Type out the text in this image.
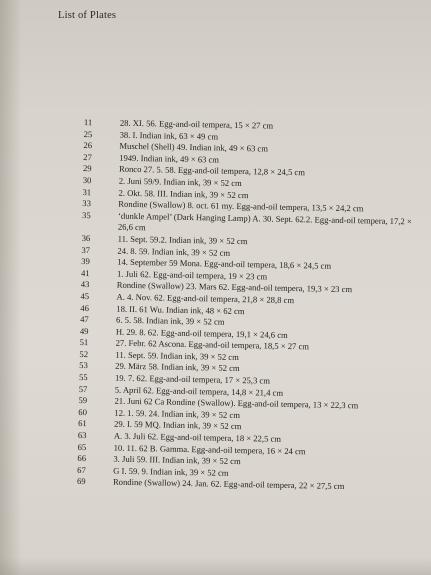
List of Plates
11	28. XI. 56. Egg-and-oil tempera, 15 × 27 cm
25	38. I. Indian ink, 63 × 49 cm
26	Muschel (Shell) 49. Indian ink, 49 × 63 cm
27	1949. Indian ink, 49 × 63 cm
29	Ronco 27. 5. 58. Egg-and-oil tempera, 12,8 × 24,5 cm
30	2. Juni 59/9. Indian ink, 39 × 52 cm
31	2. Okt. 58. III. Indian ink, 39 × 52 cm
33	Rondine (Swallow) 8. oct. 61 my. Egg-and-oil tempera, 13,5 × 24,2 cm
35	‘dunkle Ampel’ (Dark Hanging Lamp) A. 30. Sept. 62.2. Egg-and-oil tempera, 17,2 × 26,6 cm
36	11. Sept. 59.2. Indian ink, 39 × 52 cm
37	24. 8. 59. Indian ink, 39 × 52 cm
39	14. September 59 Mona. Egg-and-oil tempera, 18,6 × 24,5 cm
41	1. Juli 62. Egg-and-oil tempera, 19 × 23 cm
43	Rondine (Swallow) 23. Mars 62. Egg-and-oil tempera, 19,3 × 23 cm
45	A. 4. Nov. 62. Egg-and-oil tempera, 21,8 × 28,8 cm
46	18. II. 61 Wu. Indian ink, 48 × 62 cm
47	6. 5. 58. Indian ink, 39 × 52 cm
49	H. 29. 8. 62. Egg-and-oil tempera, 19,1 × 24,6 cm
51	27. Febr. 62 Ascona. Egg-and-oil tempera, 18,5 × 27 cm
52	11. Sept. 59. Indian ink, 39 × 52 cm
53	29. März 58. Indian ink, 39 × 52 cm
55	19. 7. 62. Egg-and-oil tempera, 17 × 25,3 cm
57	5. April 62. Egg-and-oil tempera, 14,8 × 21,4 cm
59	21. Juni 62 Ca Rondine (Swallow). Egg-and-oil tempera, 13 × 22,3 cm
60	12. 1. 59. 24. Indian ink, 39 × 52 cm
61	29. I. 59 MQ. Indian ink, 39 × 52 cm
63	A. 3. Juli 62. Egg-and-oil tempera, 18 × 22,5 cm
65	10. 11. 62 B. Gamma. Egg-and-oil tempera, 16 × 24 cm
66	3. Juli 59. III. Indian ink, 39 × 52 cm
67	G I. 59. 9. Indian ink, 39 × 52 cm
69	Rondine (Swallow) 24. Jan. 62. Egg-and-oil tempera, 22 × 27,5 cm
